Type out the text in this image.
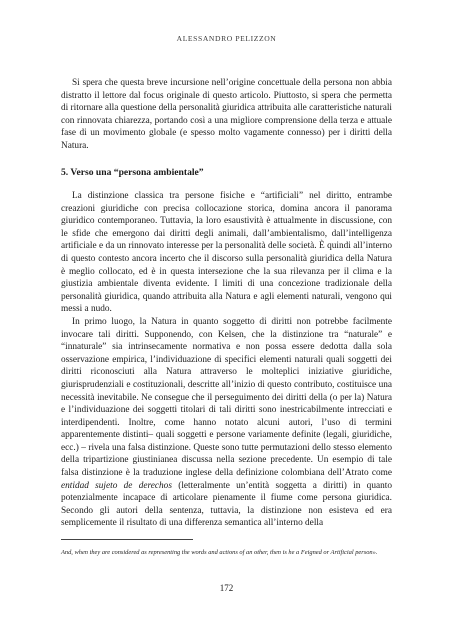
ALESSANDRO PELIZZON

Si spera che questa breve incursione nell’origine concettuale della persona non abbia distratto il lettore dal focus originale di questo articolo. Piuttosto, si spera che permetta di ritornare alla questione della personalità giuridica attribuita alle caratteristiche naturali con rinnovata chiarezza, portando così a una migliore comprensione della terza e attuale fase di un movimento globale (e spesso molto vagamente connesso) per i diritti della Natura.

5. Verso una “persona ambientale”

La distinzione classica tra persone fisiche e “artificiali” nel diritto, entrambe creazioni giuridiche con precisa collocazione storica, domina ancora il panorama giuridico contemporaneo. Tuttavia, la loro esaustività è attualmente in discussione, con le sfide che emergono dai diritti degli animali, dall’ambientalismo, dall’intelligenza artificiale e da un rinnovato interesse per la personalità delle società. È quindi all’interno di questo contesto ancora incerto che il discorso sulla personalità giuridica della Natura è meglio collocato, ed è in questa intersezione che la sua rilevanza per il clima e la giustizia ambientale diventa evidente. I limiti di una concezione tradizionale della personalità giuridica, quando attribuita alla Natura e agli elementi naturali, vengono qui messi a nudo.

In primo luogo, la Natura in quanto soggetto di diritti non potrebbe facilmente invocare tali diritti. Supponendo, con Kelsen, che la distinzione tra “naturale” e “innaturale” sia intrinsecamente normativa e non possa essere dedotta dalla sola osservazione empirica, l’individuazione di specifici elementi naturali quali soggetti dei diritti riconosciuti alla Natura attraverso le molteplici iniziative giuridiche, giurisprudenziali e costituzionali, descritte all’inizio di questo contributo, costituisce una necessità inevitabile. Ne consegue che il perseguimento dei diritti della (o per la) Natura e l’individuazione dei soggetti titolari di tali diritti sono inestricabilmente intrecciati e interdipendenti. Inoltre, come hanno notato alcuni autori, l’uso di termini apparentemente distinti– quali soggetti e persone variamente definite (legali, giuridiche, ecc.) – rivela una falsa distinzione. Queste sono tutte permutazioni dello stesso elemento della tripartizione giustinianea discussa nella sezione precedente. Un esempio di tale falsa distinzione è la traduzione inglese della definizione colombiana dell’Atrato come entidad sujeto de derechos (letteralmente un’entità soggetta a diritti) in quanto potenzialmente incapace di articolare pienamente il fiume come persona giuridica. Secondo gli autori della sentenza, tuttavia, la distinzione non esisteva ed era semplicemente il risultato di una differenza semantica all’interno della

And, when they are considered as representing the words and actions of an other, then is he a Feigned or Artificial person».
172
